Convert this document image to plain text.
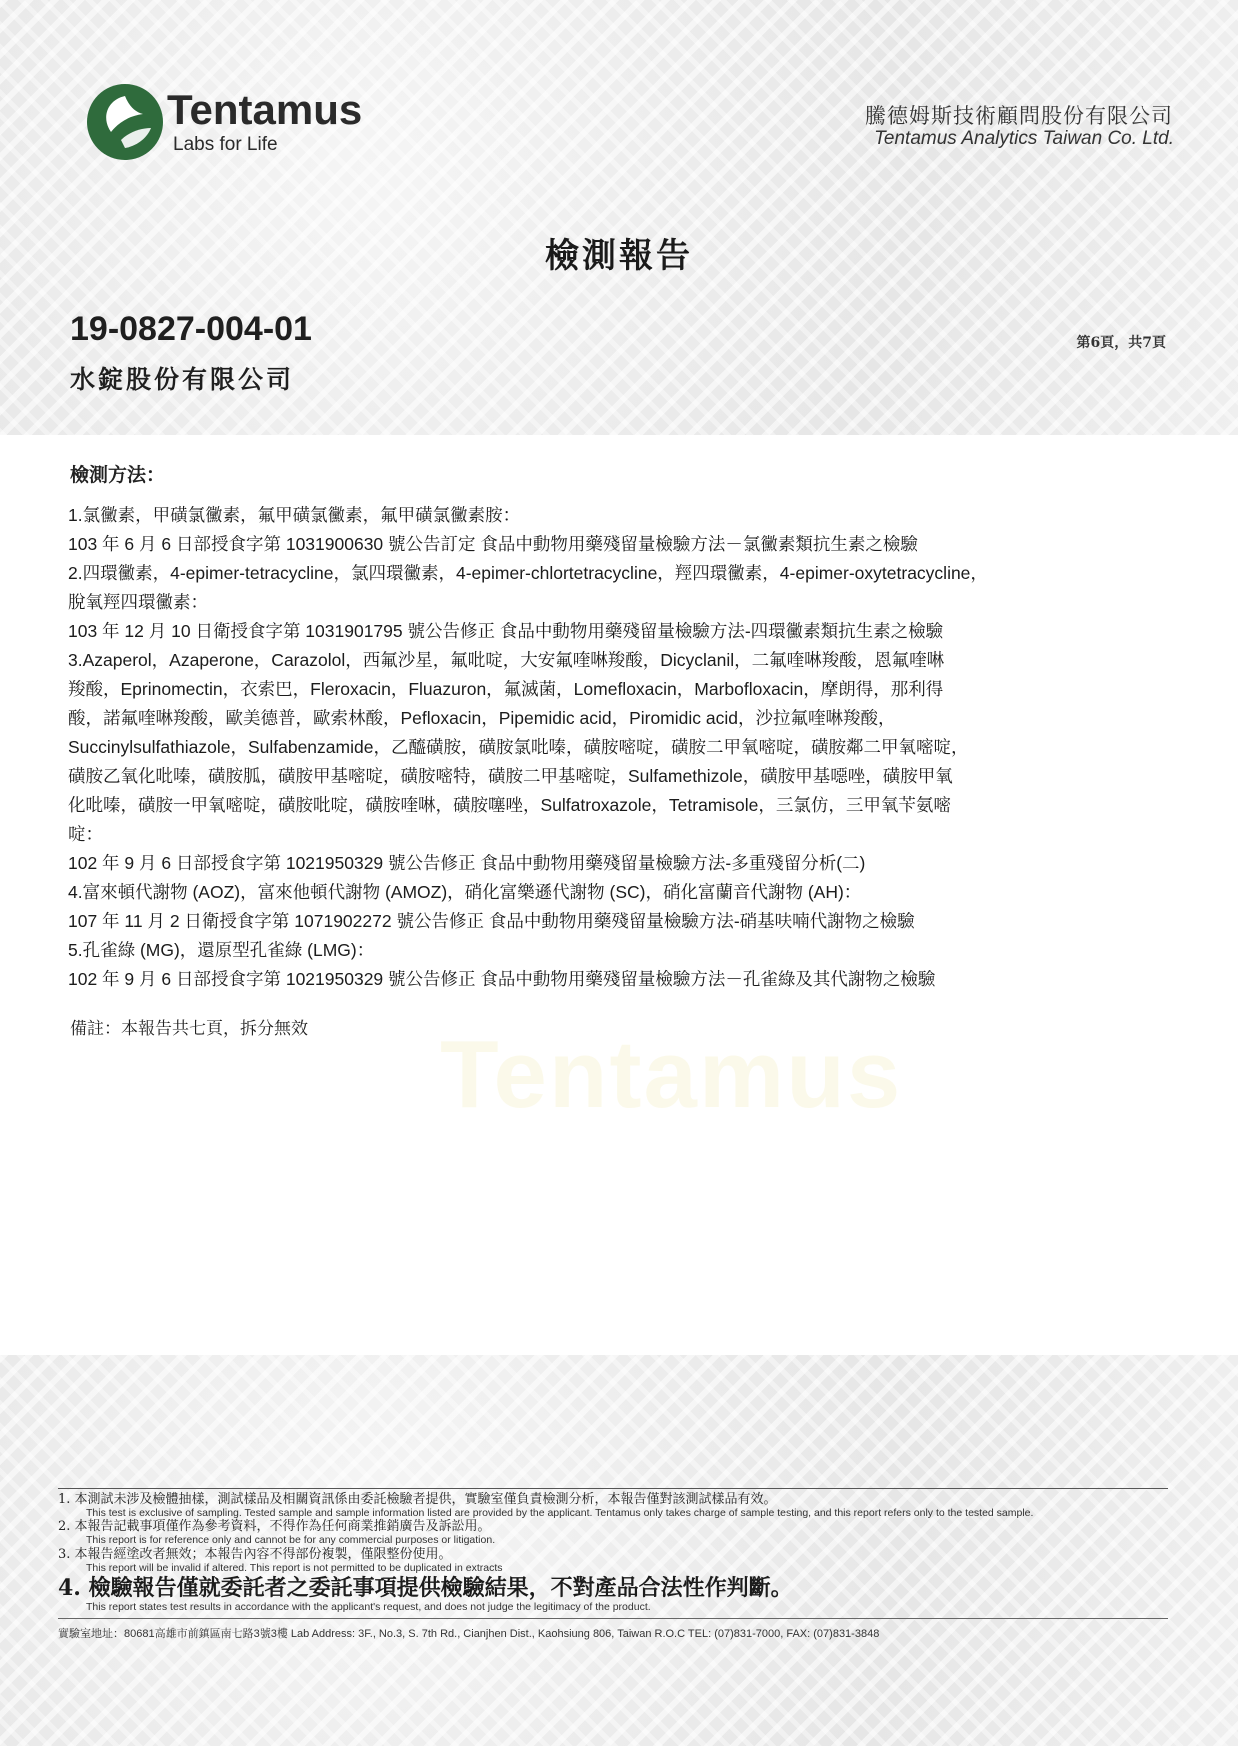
Tentamus
Tentamus
Labs for Life
騰德姆斯技術顧問股份有限公司
Tentamus Analytics Taiwan Co. Ltd.
檢測報告
19-0827-004-01	第6頁，共7頁
水錠股份有限公司
檢測方法：
1.氯黴素，甲磺氯黴素，氟甲磺氯黴素，氟甲磺氯黴素胺：
103 年 6 月 6 日部授食字第 1031900630 號公告訂定 食品中動物用藥殘留量檢驗方法－氯黴素類抗生素之檢驗
2.四環黴素，4-epimer-tetracycline，氯四環黴素，4-epimer-chlortetracycline，羥四環黴素，4-epimer-oxytetracycline，
脫氧羥四環黴素：
103 年 12 月 10 日衛授食字第 1031901795 號公告修正 食品中動物用藥殘留量檢驗方法-四環黴素類抗生素之檢驗
3.Azaperol，Azaperone，Carazolol，西氟沙星，氟吡啶，大安氟喹啉羧酸，Dicyclanil，二氟喹啉羧酸，恩氟喹啉
羧酸，Eprinomectin，衣索巴，Fleroxacin，Fluazuron，氟滅菌，Lomefloxacin，Marbofloxacin，摩朗得，那利得
酸，諾氟喹啉羧酸，歐美德普，歐索林酸，Pefloxacin，Pipemidic acid，Piromidic acid，沙拉氟喹啉羧酸，
Succinylsulfathiazole，Sulfabenzamide，乙醯磺胺，磺胺氯吡嗪，磺胺嘧啶，磺胺二甲氧嘧啶，磺胺鄰二甲氧嘧啶，
磺胺乙氧化吡嗪，磺胺胍，磺胺甲基嘧啶，磺胺嘧特，磺胺二甲基嘧啶，Sulfamethizole，磺胺甲基噁唑，磺胺甲氧
化吡嗪，磺胺一甲氧嘧啶，磺胺吡啶，磺胺喹啉，磺胺噻唑，Sulfatroxazole，Tetramisole，三氯仿，三甲氧苄氨嘧
啶：
102 年 9 月 6 日部授食字第 1021950329 號公告修正 食品中動物用藥殘留量檢驗方法-多重殘留分析(二)
4.富來頓代謝物 (AOZ)，富來他頓代謝物 (AMOZ)，硝化富樂遜代謝物 (SC)，硝化富蘭音代謝物 (AH)：
107 年 11 月 2 日衛授食字第 1071902272 號公告修正 食品中動物用藥殘留量檢驗方法-硝基呋喃代謝物之檢驗
5.孔雀綠 (MG)，還原型孔雀綠 (LMG)：
102 年 9 月 6 日部授食字第 1021950329 號公告修正 食品中動物用藥殘留量檢驗方法－孔雀綠及其代謝物之檢驗
備註：本報告共七頁，拆分無效
1. 本測試未涉及檢體抽樣，測試樣品及相關資訊係由委託檢驗者提供，實驗室僅負責檢測分析，本報告僅對該測試樣品有效。
This test is exclusive of sampling. Tested sample and sample information listed are provided by the applicant. Tentamus only takes charge of sample testing, and this report refers only to the tested sample.
2. 本報告記載事項僅作為參考資料，不得作為任何商業推銷廣告及訴訟用。
This report is for reference only and cannot be for any commercial purposes or litigation.
3. 本報告經塗改者無效；本報告內容不得部份複製，僅限整份使用。
This report will be invalid if altered. This report is not permitted to be duplicated in extracts
4. 檢驗報告僅就委託者之委託事項提供檢驗結果，不對產品合法性作判斷。
This report states test results in accordance with the applicant's request, and does not judge the legitimacy of the product.
實驗室地址：80681高雄市前鎮區南七路3號3樓 Lab Address: 3F., No.3, S. 7th Rd., Cianjhen Dist., Kaohsiung 806, Taiwan R.O.C TEL: (07)831-7000, FAX: (07)831-3848
